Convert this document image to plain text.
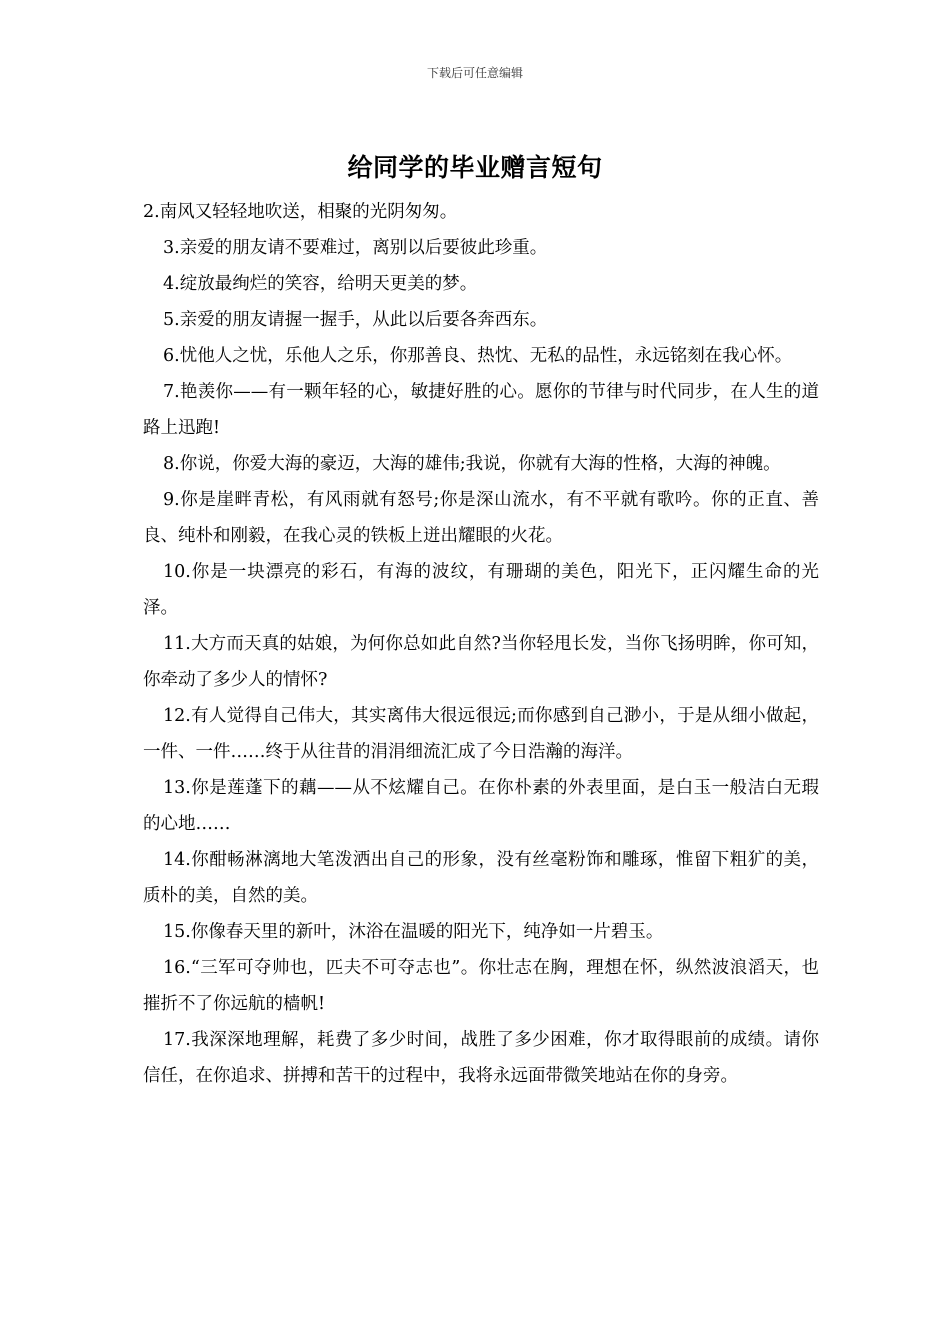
下载后可任意编辑
给同学的毕业赠言短句

2.南风又轻轻地吹送，相聚的光阴匆匆。

3.亲爱的朋友请不要难过，离别以后要彼此珍重。

4.绽放最绚烂的笑容，给明天更美的梦。

5.亲爱的朋友请握一握手，从此以后要各奔西东。

6.忧他人之忧，乐他人之乐，你那善良、热忱、无私的品性，永远铭刻在我心怀。

7.艳羡你——有一颗年轻的心，敏捷好胜的心。愿你的节律与时代同步，在人生的道路上迅跑!

8.你说，你爱大海的豪迈，大海的雄伟;我说，你就有大海的性格，大海的神魄。

9.你是崖畔青松，有风雨就有怒号;你是深山流水，有不平就有歌吟。你的正直、善良、纯朴和刚毅，在我心灵的铁板上迸出耀眼的火花。

10.你是一块漂亮的彩石，有海的波纹，有珊瑚的美色，阳光下，正闪耀生命的光泽。

11.大方而天真的姑娘，为何你总如此自然?当你轻甩长发，当你飞扬明眸，你可知，你牵动了多少人的情怀?

12.有人觉得自己伟大，其实离伟大很远很远;而你感到自己渺小，于是从细小做起，一件、一件……终于从往昔的涓涓细流汇成了今日浩瀚的海洋。

13.你是莲蓬下的藕——从不炫耀自己。在你朴素的外表里面，是白玉一般洁白无瑕的心地……

14.你酣畅淋漓地大笔泼洒出自己的形象，没有丝毫粉饰和雕琢，惟留下粗犷的美，质朴的美，自然的美。

15.你像春天里的新叶，沐浴在温暖的阳光下，纯净如一片碧玉。

16.“三军可夺帅也，匹夫不可夺志也”。你壮志在胸，理想在怀，纵然波浪滔天，也摧折不了你远航的樯帆!

17.我深深地理解，耗费了多少时间，战胜了多少困难，你才取得眼前的成绩。请你信任，在你追求、拼搏和苦干的过程中，我将永远面带微笑地站在你的身旁。
